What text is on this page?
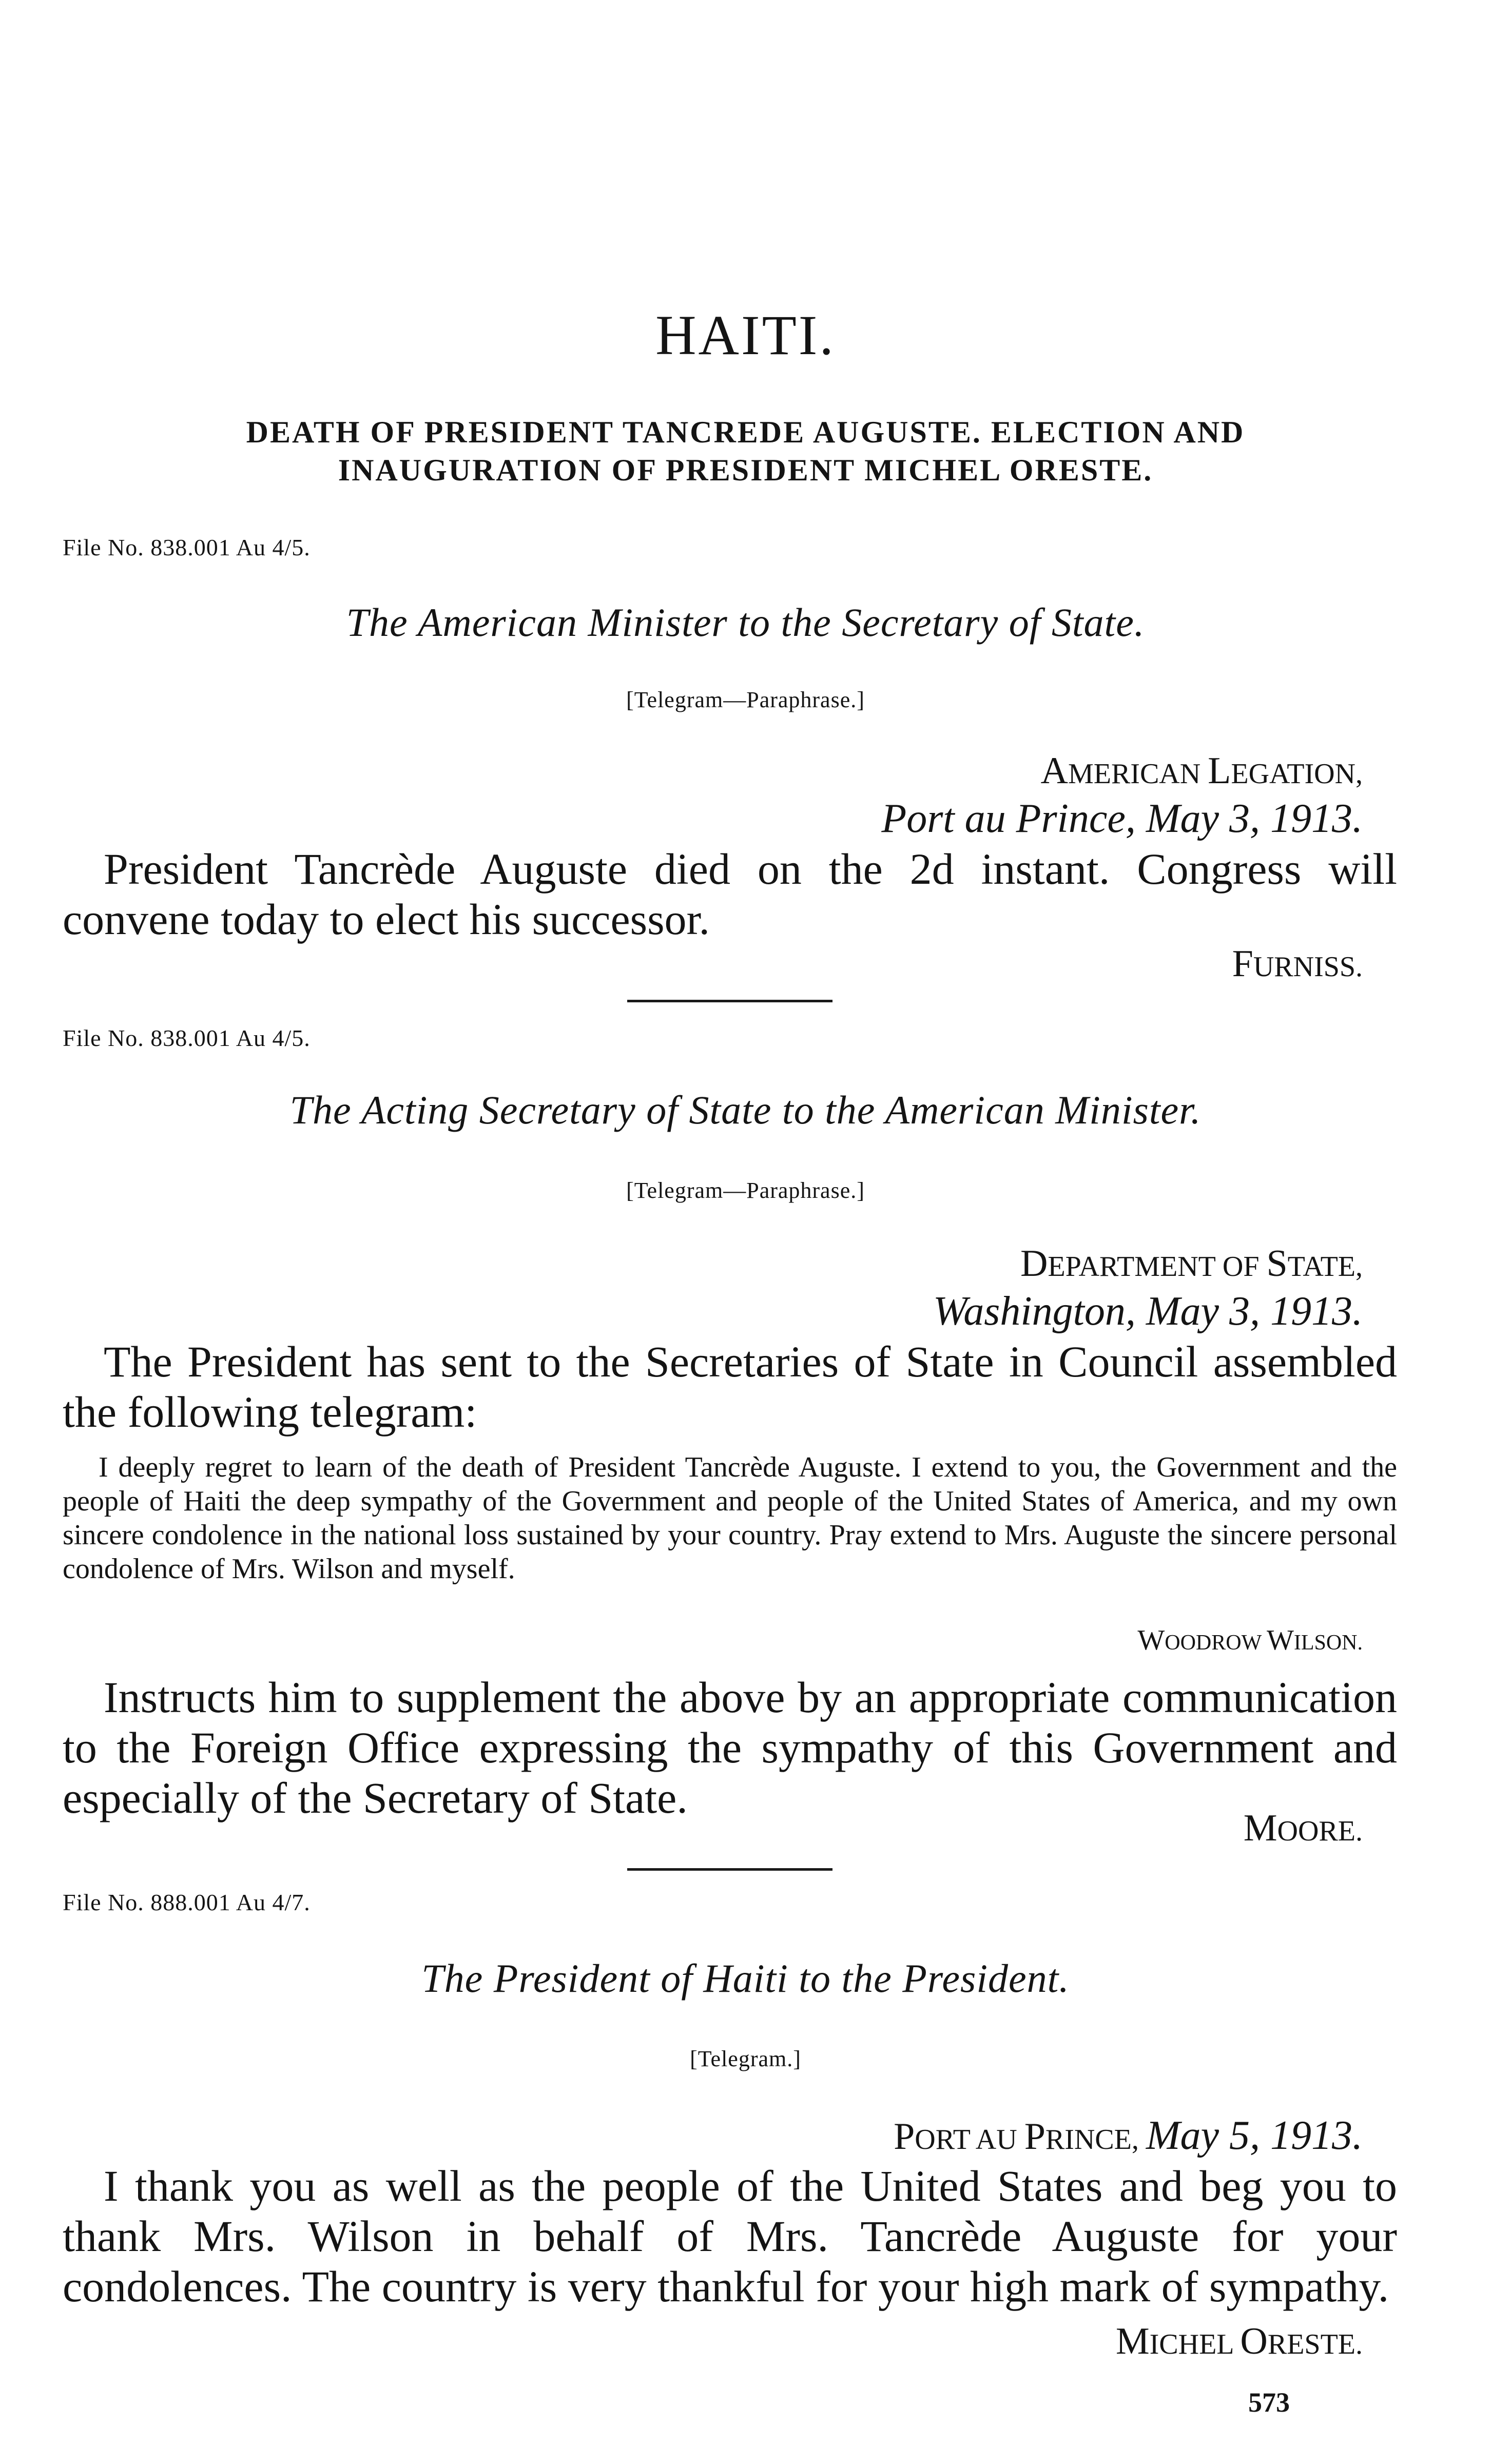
HAITI.
DEATH OF PRESIDENT TANCREDE AUGUSTE. ELECTION AND
INAUGURATION OF PRESIDENT MICHEL ORESTE.
File No. 838.001 Au 4/5.
The American Minister to the Secretary of State.
[Telegram—Paraphrase.]
AMERICAN LEGATION,
Port au Prince, May 3, 1913.
President Tancrède Auguste died on the 2d instant. Congress will convene today to elect his successor.
FURNISS.
File No. 838.001 Au 4/5.
The Acting Secretary of State to the American Minister.
[Telegram—Paraphrase.]
DEPARTMENT OF STATE,
Washington, May 3, 1913.
The President has sent to the Secretaries of State in Council assembled the following telegram:
I deeply regret to learn of the death of President Tancrède Auguste. I extend to you, the Government and the people of Haiti the deep sympathy of the Government and people of the United States of America, and my own sincere condolence in the national loss sustained by your country. Pray extend to Mrs. Auguste the sincere personal condolence of Mrs. Wilson and myself.
WOODROW WILSON.
Instructs him to supplement the above by an appropriate communication to the Foreign Office expressing the sympathy of this Government and especially of the Secretary of State.
MOORE.
File No. 888.001 Au 4/7.
The President of Haiti to the President.
[Telegram.]
PORT AU PRINCE, May 5, 1913.
I thank you as well as the people of the United States and beg you to thank Mrs. Wilson in behalf of Mrs. Tancrède Auguste for your condolences. The country is very thankful for your high mark of sympathy.
MICHEL ORESTE.
573
